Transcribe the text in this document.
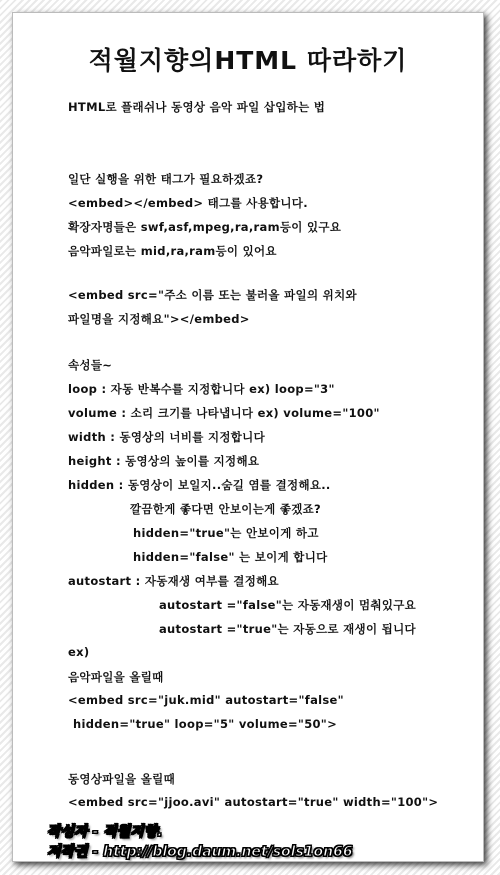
적월지향의HTML 따라하기
HTML로 플래쉬나 동영상 음악 파일 삽입하는 법
일단 실행을 위한 태그가 필요하겠죠?
<embed></embed> 태그를 사용합니다.
확장자명들은 swf,asf,mpeg,ra,ram등이 있구요
음악파일로는 mid,ra,ram등이 있어요
<embed src="주소 이름 또는 불러올 파일의 위치와
파일명을 지정해요"></embed>
속성들~
loop : 자동 반복수를 지정합니다 ex) loop="3"
volume : 소리 크기를 나타냅니다 ex) volume="100"
width : 동영상의 너비를 지정합니다
height : 동영상의 높이를 지정해요
hidden : 동영상이 보일지..숨길 염를 결정해요..
깔끔한게 좋다면 안보이는게 좋겠죠?
hidden="true"는 안보이게 하고
hidden="false" 는 보이게 합니다
autostart : 자동재생 여부를 결정해요
autostart ="false"는 자동재생이 멈춰있구요
autostart ="true"는 자동으로 재생이 됩니다
ex)
음악파일을 올릴때
<embed src="juk.mid" autostart="false"
hidden="true" loop="5" volume="50">
동영상파일을 올릴때
<embed src="jjoo.avi" autostart="true" width="100">
작성자 - 적월지향.
저작권 - http://blog.daum.net/sols1on66
